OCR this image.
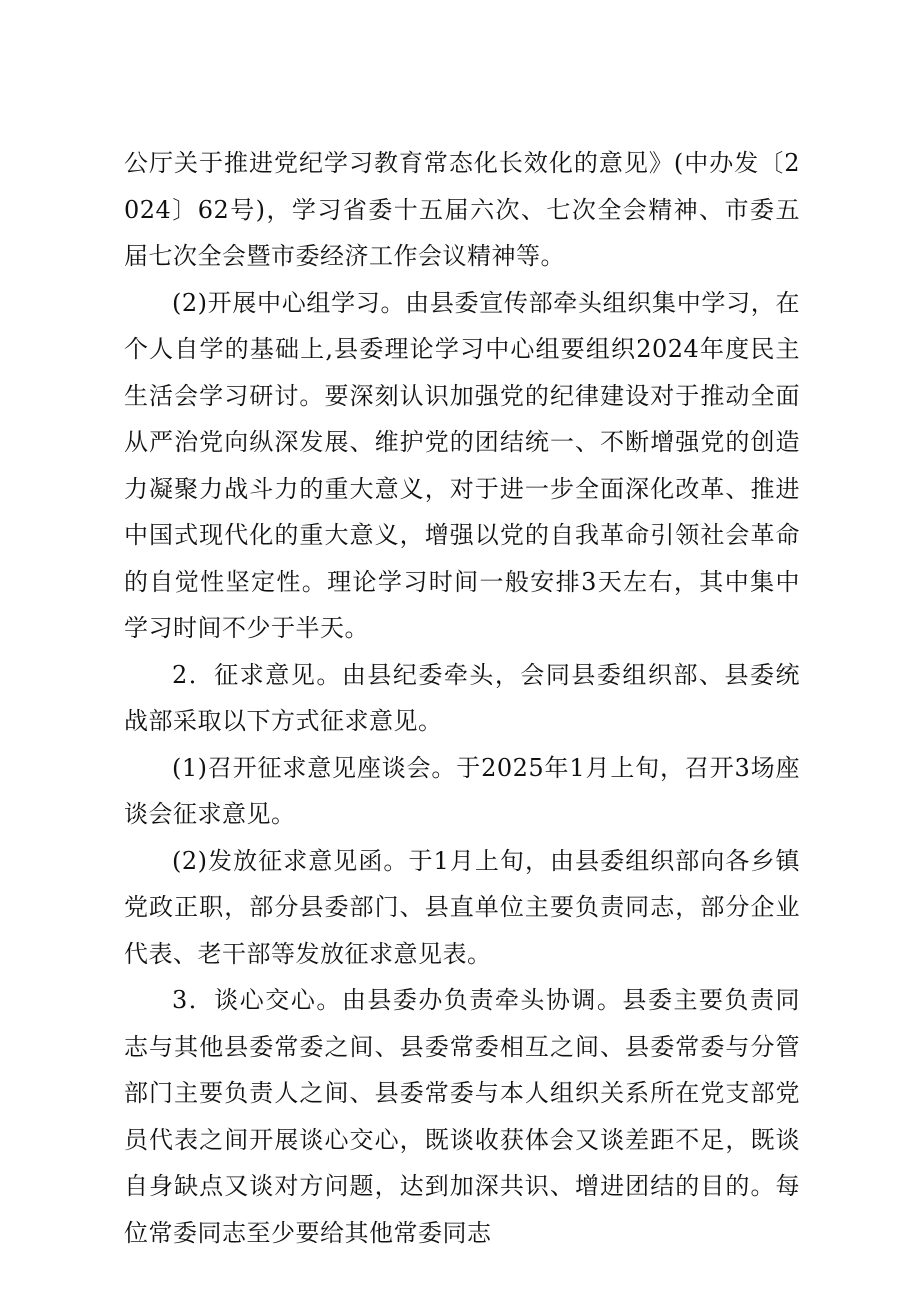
公厅关于推进党纪学习教育常态化长效化的意见》(中办发〔2024〕62号)，学习省委十五届六次、七次全会精神、市委五届七次全会暨市委经济工作会议精神等。

(2)开展中心组学习。由县委宣传部牵头组织集中学习，在个人自学的基础上,县委理论学习中心组要组织2024年度民主生活会学习研讨。要深刻认识加强党的纪律建设对于推动全面从严治党向纵深发展、维护党的团结统一、不断增强党的创造力凝聚力战斗力的重大意义，对于进一步全面深化改革、推进中国式现代化的重大意义，增强以党的自我革命引领社会革命的自觉性坚定性。理论学习时间一般安排3天左右，其中集中学习时间不少于半天。

2．征求意见。由县纪委牵头，会同县委组织部、县委统战部采取以下方式征求意见。

(1)召开征求意见座谈会。于2025年1月上旬，召开3场座谈会征求意见。

(2)发放征求意见函。于1月上旬，由县委组织部向各乡镇党政正职，部分县委部门、县直单位主要负责同志，部分企业代表、老干部等发放征求意见表。

3．谈心交心。由县委办负责牵头协调。县委主要负责同志与其他县委常委之间、县委常委相互之间、县委常委与分管部门主要负责人之间、县委常委与本人组织关系所在党支部党员代表之间开展谈心交心，既谈收获体会又谈差距不足，既谈自身缺点又谈对方问题，达到加深共识、增进团结的目的。每位常委同志至少要给其他常委同志
